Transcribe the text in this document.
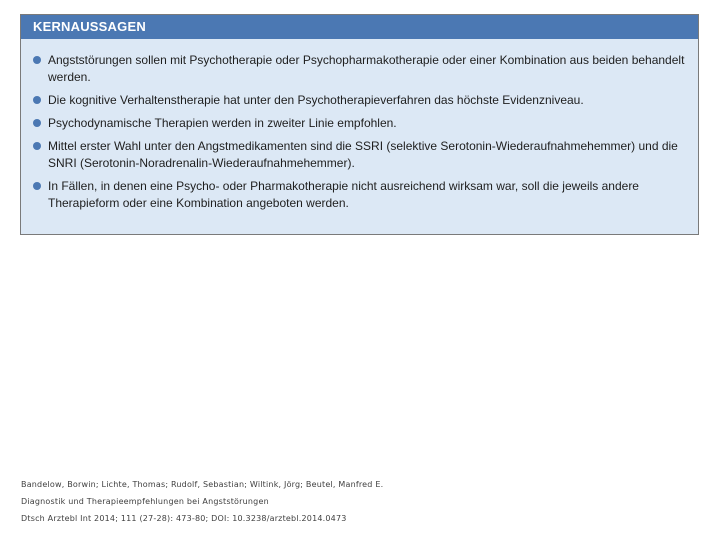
KERNAUSSAGEN
Angststörungen sollen mit Psychotherapie oder Psychopharmakotherapie oder einer Kombination aus beiden behandelt werden.
Die kognitive Verhaltenstherapie hat unter den Psychotherapieverfahren das höchste Evidenzniveau.
Psychodynamische Therapien werden in zweiter Linie empfohlen.
Mittel erster Wahl unter den Angstmedikamenten sind die SSRI (selektive Serotonin-Wiederaufnahmehemmer) und die SNRI (Serotonin-Noradrenalin-Wiederaufnahmehemmer).
In Fällen, in denen eine Psycho- oder Pharmakotherapie nicht ausreichend wirksam war, soll die jeweils andere Therapieform oder eine Kombination angeboten werden.
Bandelow, Borwin; Lichte, Thomas; Rudolf, Sebastian; Wiltink, Jörg; Beutel, Manfred E.
Diagnostik und Therapieempfehlungen bei Angststörungen
Dtsch Arztebl Int 2014; 111 (27-28): 473-80; DOI: 10.3238/arztebl.2014.0473
